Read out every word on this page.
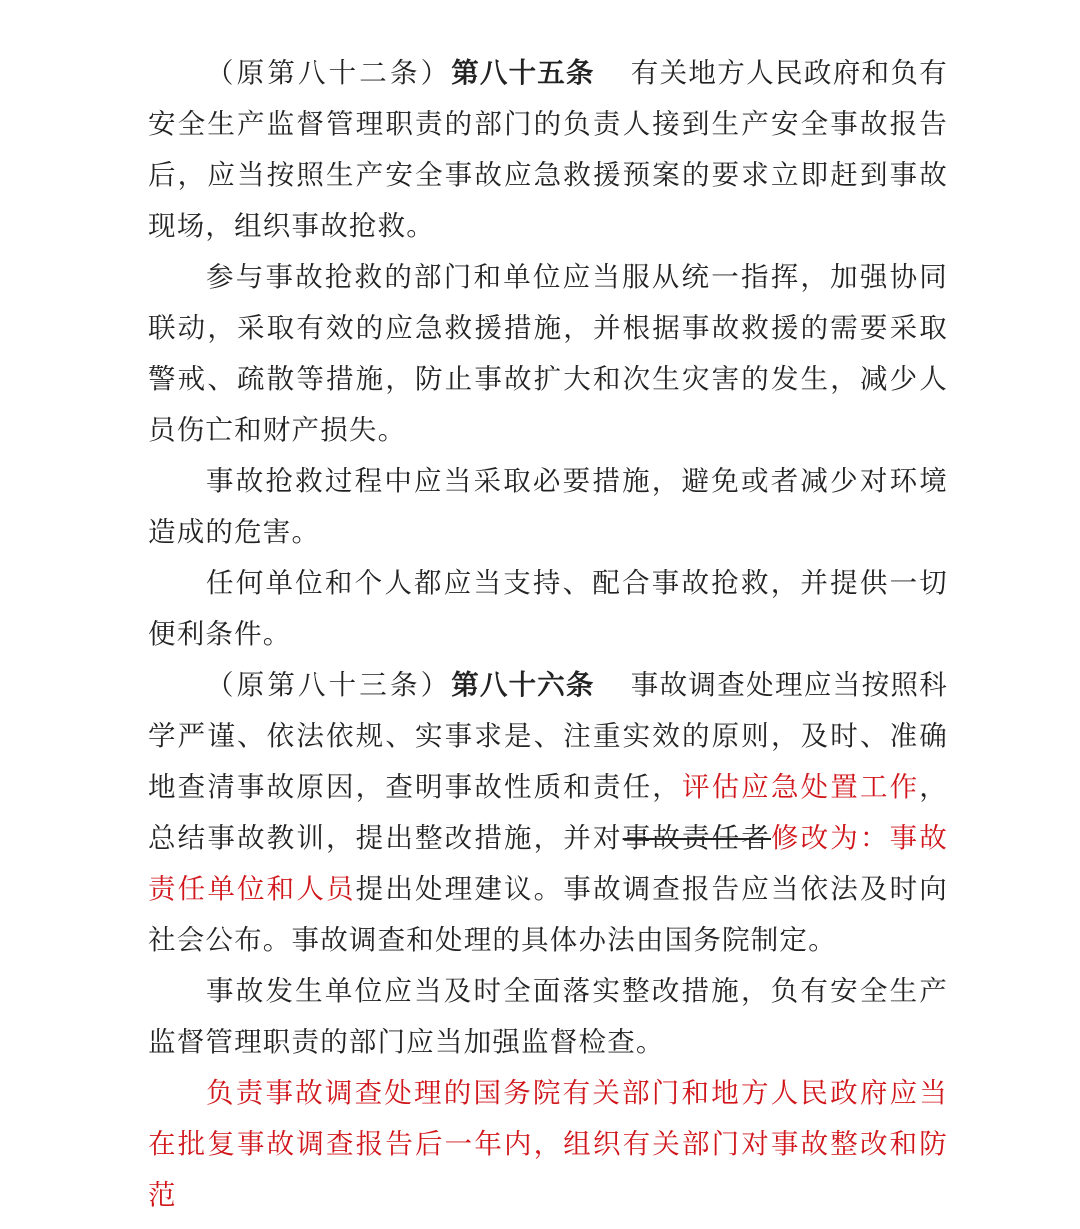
（原第八十二条）第八十五条 有关地方人民政府和负有安全生产监督管理职责的部门的负责人接到生产安全事故报告后，应当按照生产安全事故应急救援预案的要求立即赶到事故现场，组织事故抢救。

参与事故抢救的部门和单位应当服从统一指挥，加强协同联动，采取有效的应急救援措施，并根据事故救援的需要采取警戒、疏散等措施，防止事故扩大和次生灾害的发生，减少人员伤亡和财产损失。

事故抢救过程中应当采取必要措施，避免或者减少对环境造成的危害。

任何单位和个人都应当支持、配合事故抢救，并提供一切便利条件。

（原第八十三条）第八十六条 事故调查处理应当按照科学严谨、依法依规、实事求是、注重实效的原则，及时、准确地查清事故原因，查明事故性质和责任，评估应急处置工作，总结事故教训，提出整改措施，并对事故责任者修改为：事故责任单位和人员提出处理建议。事故调查报告应当依法及时向社会公布。事故调查和处理的具体办法由国务院制定。

事故发生单位应当及时全面落实整改措施，负有安全生产监督管理职责的部门应当加强监督检查。

负责事故调查处理的国务院有关部门和地方人民政府应当在批复事故调查报告后一年内，组织有关部门对事故整改和防范
